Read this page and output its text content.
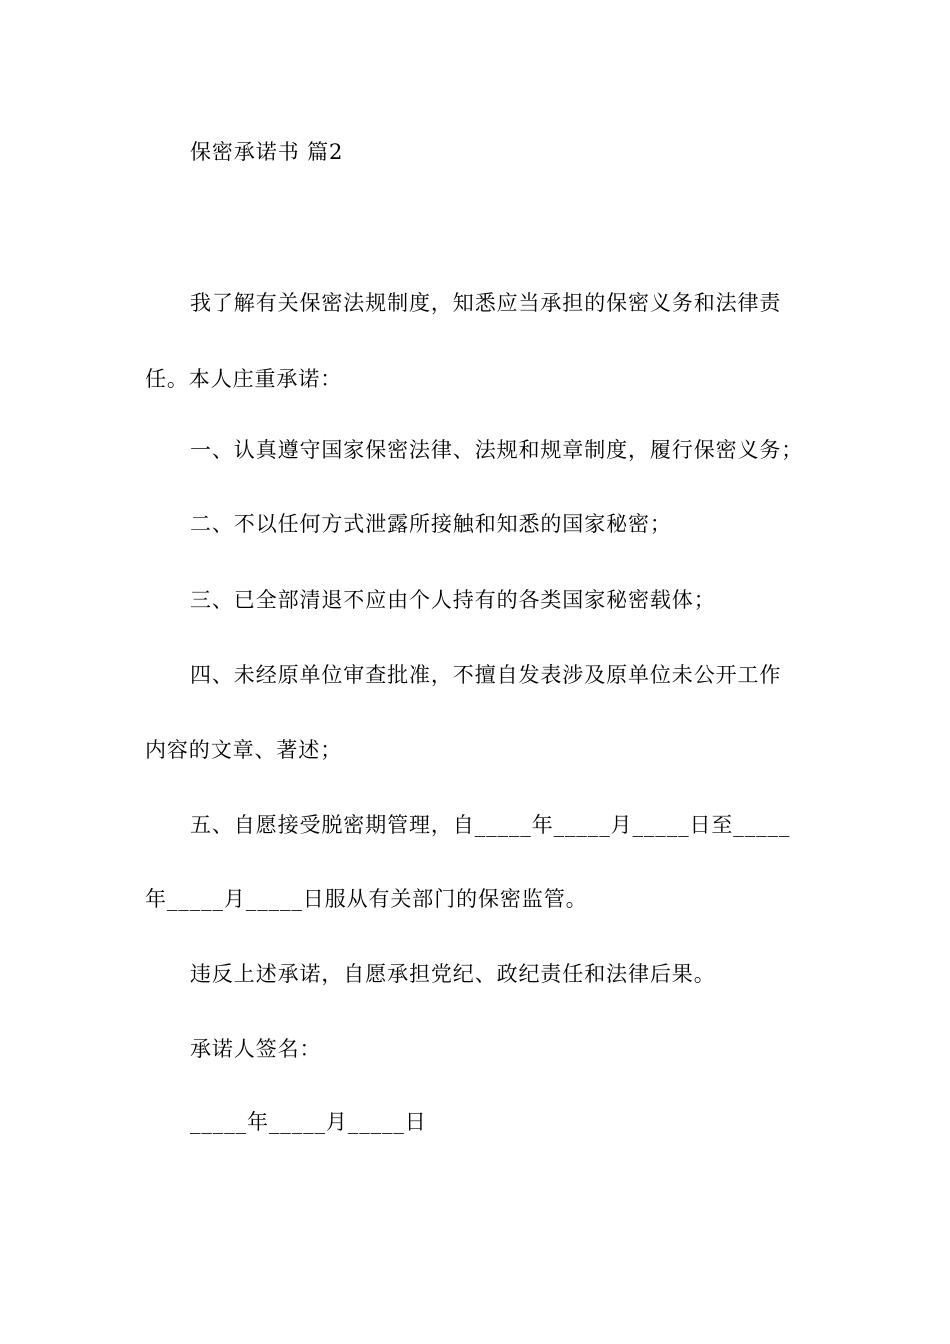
保密承诺书 篇2
我了解有关保密法规制度，知悉应当承担的保密义务和法律责
任。本人庄重承诺：
一、认真遵守国家保密法律、法规和规章制度，履行保密义务；
二、不以任何方式泄露所接触和知悉的国家秘密；
三、已全部清退不应由个人持有的各类国家秘密载体；
四、未经原单位审查批准，不擅自发表涉及原单位未公开工作
内容的文章、著述；
五、自愿接受脱密期管理，自_____年_____月_____日至_____
年_____月_____日服从有关部门的保密监管。
违反上述承诺，自愿承担党纪、政纪责任和法律后果。
承诺人签名：
_____年_____月_____日
